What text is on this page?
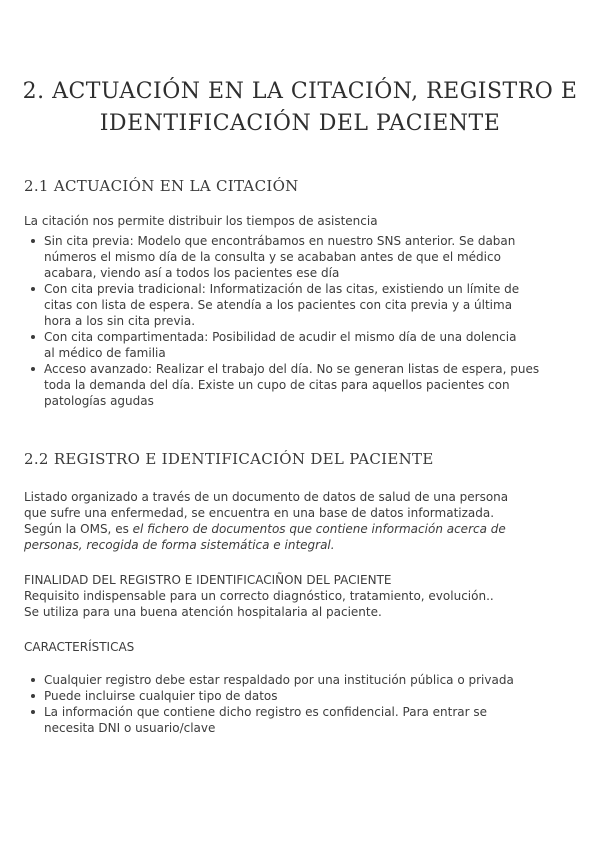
2. ACTUACIÓN EN LA CITACIÓN, REGISTRO E
IDENTIFICACIÓN DEL PACIENTE
2.1 ACTUACIÓN EN LA CITACIÓN

La citación nos permite distribuir los tiempos de asistencia

Sin cita previa: Modelo que encontrábamos en nuestro SNS anterior. Se daban
números el mismo día de la consulta y se acababan antes de que el médico
acabara, viendo así a todos los pacientes ese día
Con cita previa tradicional: Informatización de las citas, existiendo un límite de
citas con lista de espera. Se atendía a los pacientes con cita previa y a última
hora a los sin cita previa.
Con cita compartimentada: Posibilidad de acudir el mismo día de una dolencia
al médico de familia
Acceso avanzado: Realizar el trabajo del día. No se generan listas de espera, pues
toda la demanda del día. Existe un cupo de citas para aquellos pacientes con
patologías agudas
2.2 REGISTRO E IDENTIFICACIÓN DEL PACIENTE

Listado organizado a través de un documento de datos de salud de una persona
que sufre una enfermedad, se encuentra en una base de datos informatizada.
Según la OMS, es el fichero de documentos que contiene información acerca de
personas, recogida de forma sistemática e integral.

FINALIDAD DEL REGISTRO E IDENTIFICACIÑON DEL PACIENTE
Requisito indispensable para un correcto diagnóstico, tratamiento, evolución..
Se utiliza para una buena atención hospitalaria al paciente.

CARACTERÍSTICAS

Cualquier registro debe estar respaldado por una institución pública o privada
Puede incluirse cualquier tipo de datos
La información que contiene dicho registro es confidencial. Para entrar se
necesita DNI o usuario/clave
